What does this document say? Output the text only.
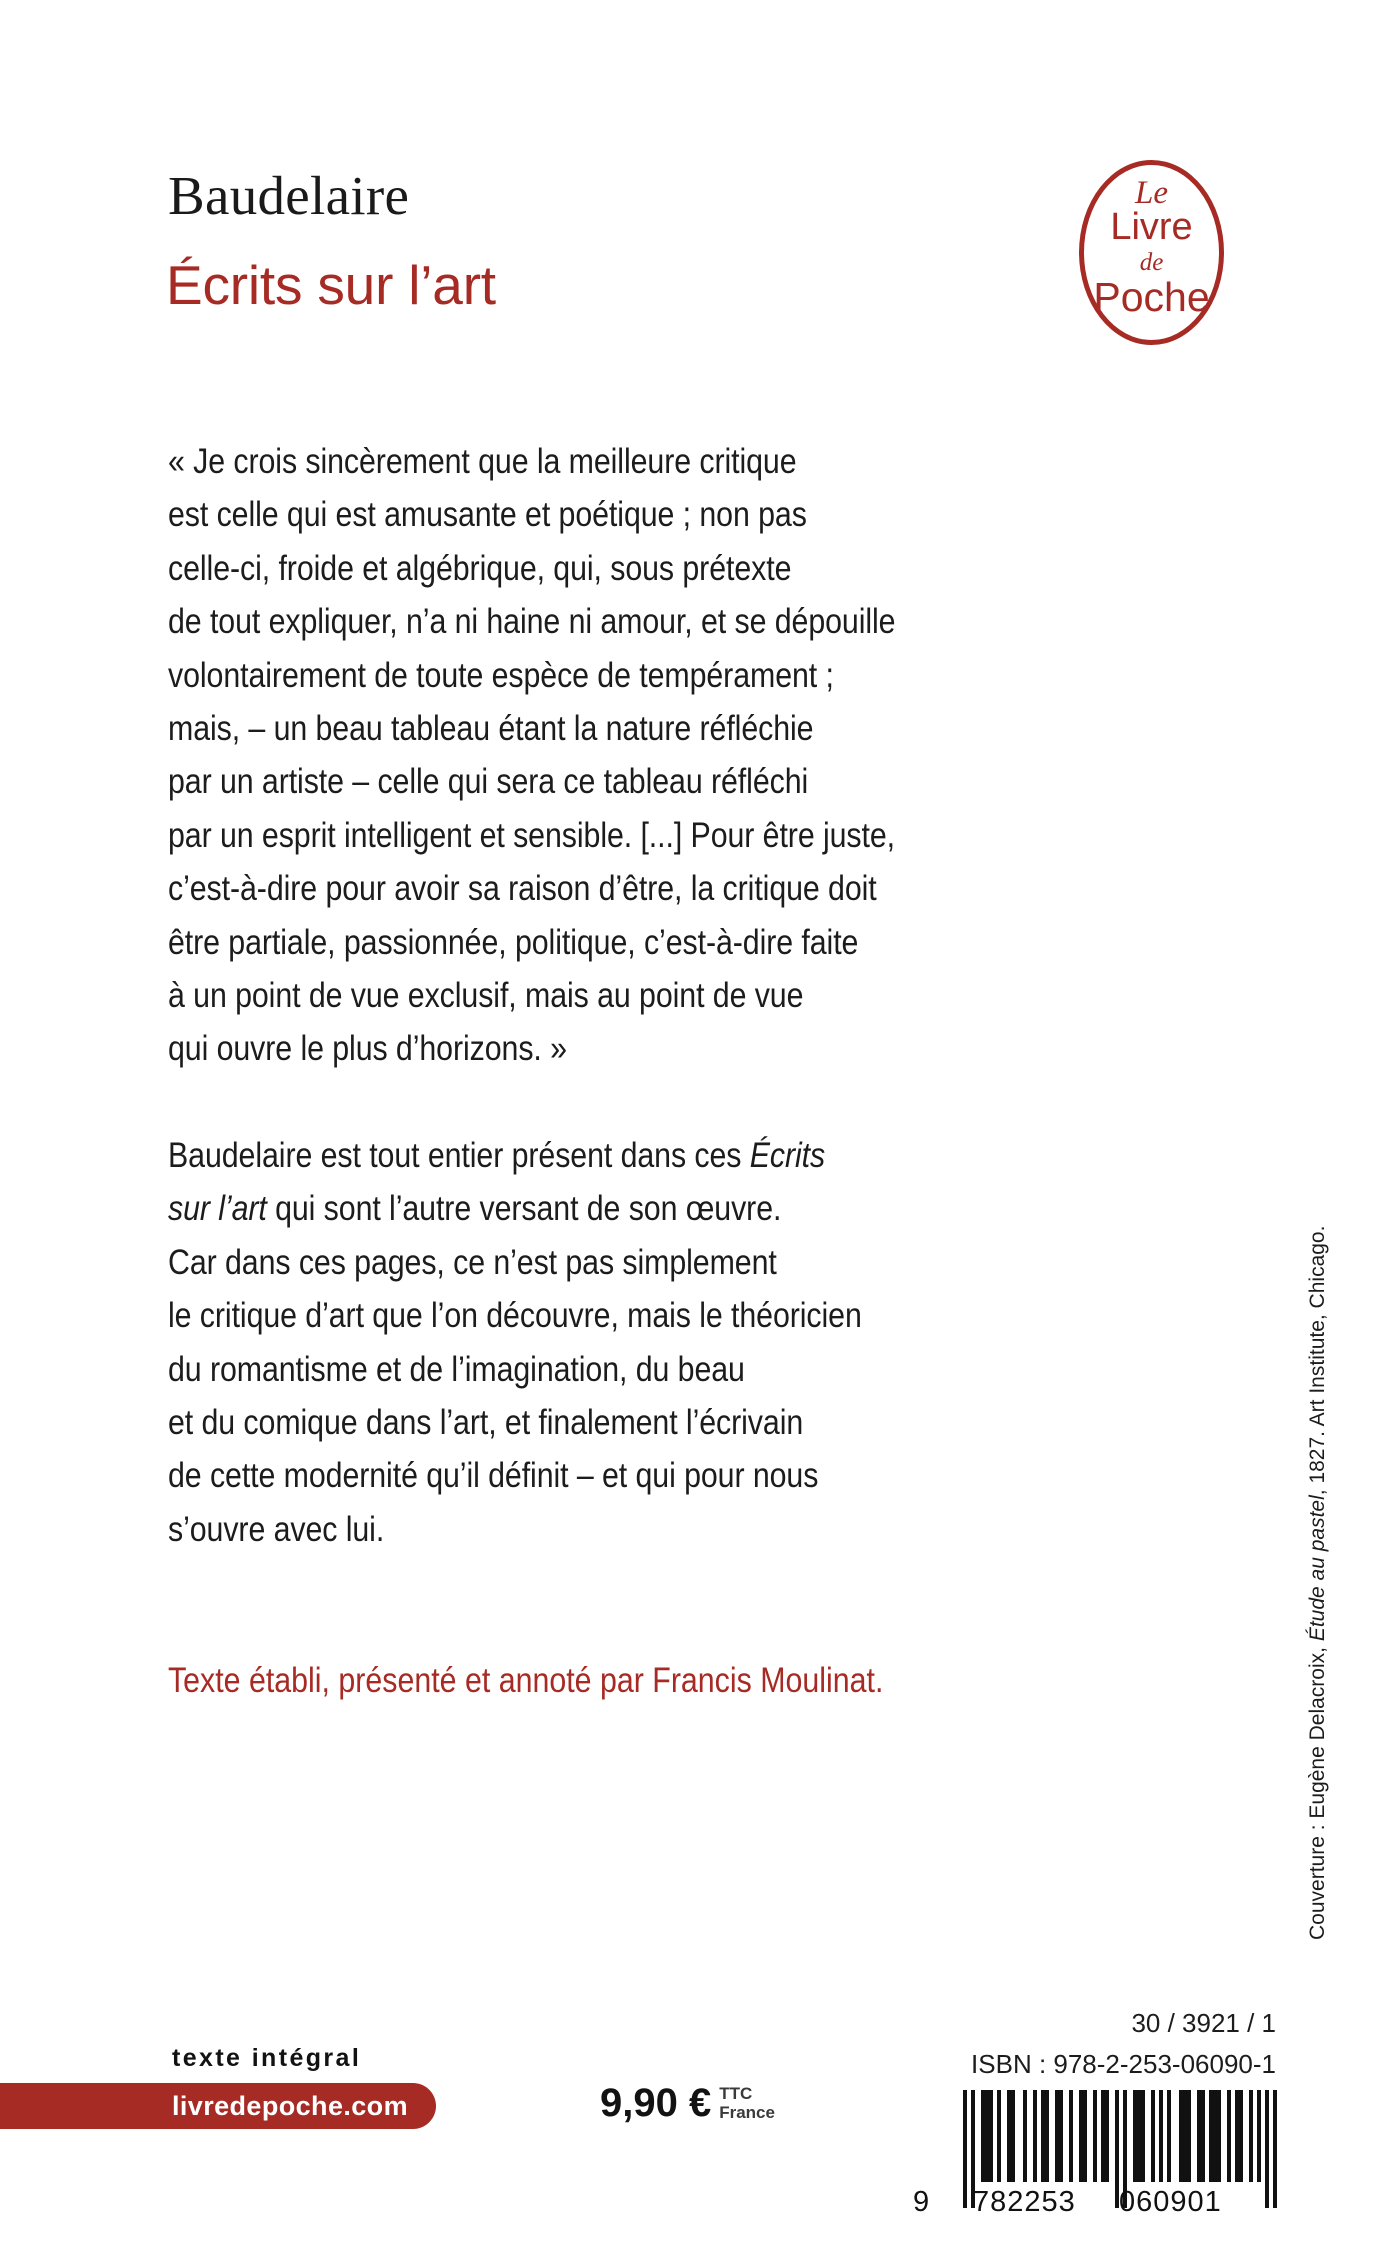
Baudelaire
Écrits sur l’art
Le
Livre
de
Poche
« Je crois sincèrement que la meilleure critique
est celle qui est amusante et poétique ; non pas
celle-ci, froide et algébrique, qui, sous prétexte
de tout expliquer, n’a ni haine ni amour, et se dépouille
volontairement de toute espèce de tempérament ;
mais, – un beau tableau étant la nature réfléchie
par un artiste – celle qui sera ce tableau réfléchi
par un esprit intelligent et sensible. [...] Pour être juste,
c’est-à-dire pour avoir sa raison d’être, la critique doit
être partiale, passionnée, politique, c’est-à-dire faite
à un point de vue exclusif, mais au point de vue
qui ouvre le plus d’horizons. »
Baudelaire est tout entier présent dans ces Écrits
sur l’art qui sont l’autre versant de son œuvre.
Car dans ces pages, ce n’est pas simplement
le critique d’art que l’on découvre, mais le théoricien
du romantisme et de l’imagination, du beau
et du comique dans l’art, et finalement l’écrivain
de cette modernité qu’il définit – et qui pour nous
s’ouvre avec lui.
Texte établi, présenté et annoté par Francis Moulinat.	Couverture : Eugène Delacroix, Étude au pastel, 1827. Art Institute, Chicago.
texte intégral
livredepoche.com	9,90 € TTC
France
30 / 3921 / 1
ISBN : 978-2-253-06090-1
9 782253 060901
